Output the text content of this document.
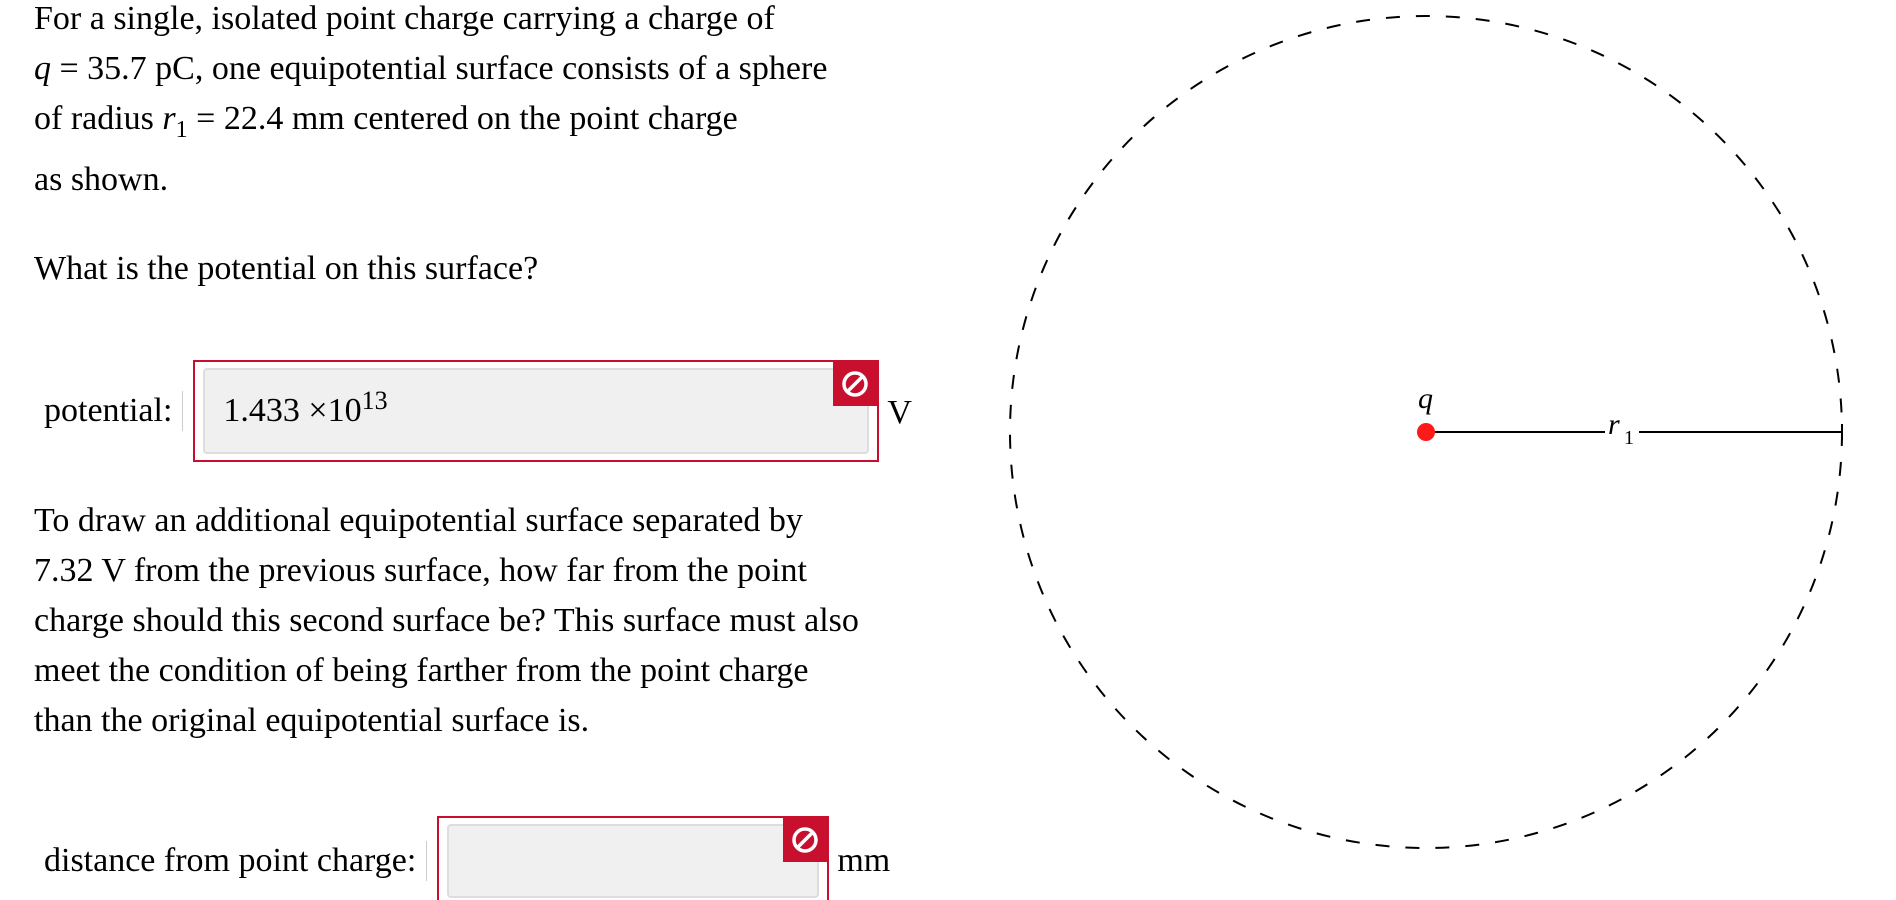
For a single, isolated point charge carrying a charge of

q = 35.7 pC, one equipotential surface consists of a sphere

of radius $r_1 = 22.4$ mm centered on the point charge

as shown.

What is the potential on this surface?

To draw an additional equipotential surface separated by

7.32 V from the previous surface, how far from the point

charge should this second surface be? This surface must also

meet the condition of being farther from the point charge

than the original equipotential surface is.

potential:	$1.433 \times 10^{13}$	V
distance from point charge:	mm
q
r 1
